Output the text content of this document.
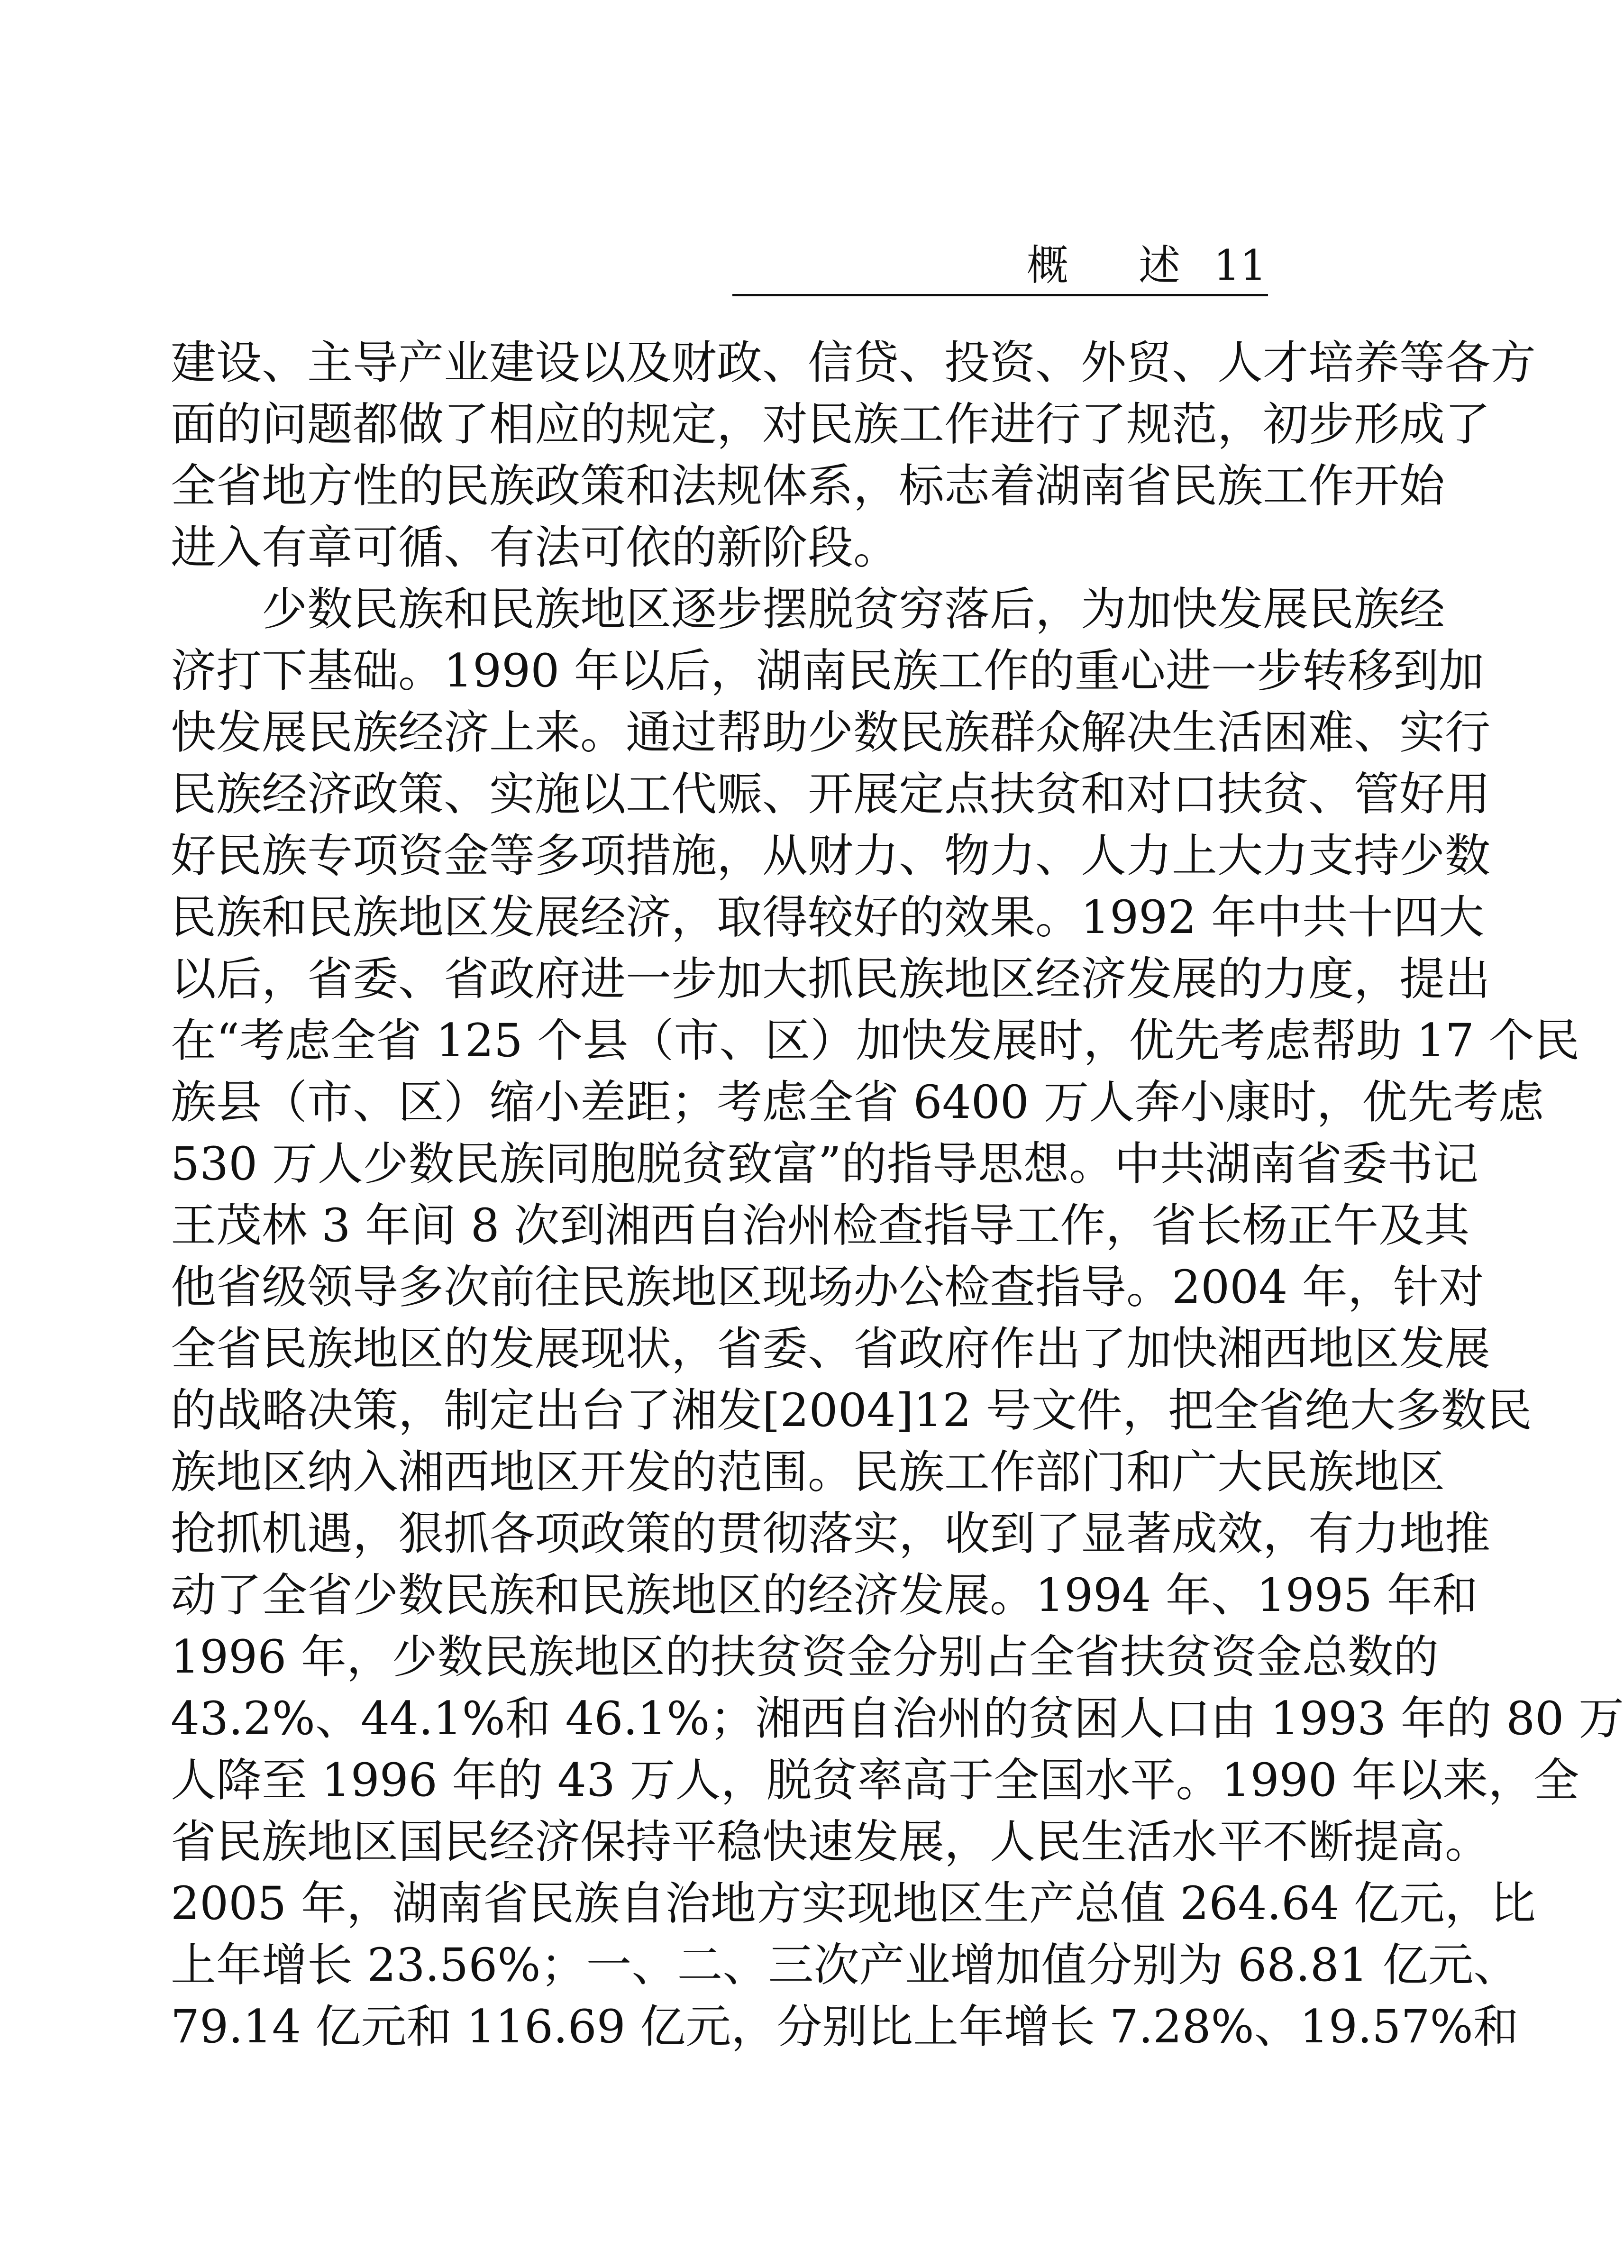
概 述 11
建设、主导产业建设以及财政、信贷、投资、外贸、人才培养等各方
面的问题都做了相应的规定，对民族工作进行了规范，初步形成了
全省地方性的民族政策和法规体系，标志着湖南省民族工作开始
进入有章可循、有法可依的新阶段。
　　少数民族和民族地区逐步摆脱贫穷落后，为加快发展民族经
济打下基础。1990 年以后，湖南民族工作的重心进一步转移到加
快发展民族经济上来。通过帮助少数民族群众解决生活困难、实行
民族经济政策、实施以工代赈、开展定点扶贫和对口扶贫、管好用
好民族专项资金等多项措施，从财力、物力、人力上大力支持少数
民族和民族地区发展经济，取得较好的效果。1992 年中共十四大
以后，省委、省政府进一步加大抓民族地区经济发展的力度，提出
在“考虑全省 125 个县（市、区）加快发展时，优先考虑帮助 17 个民
族县（市、区）缩小差距；考虑全省 6400 万人奔小康时，优先考虑
530 万人少数民族同胞脱贫致富”的指导思想。中共湖南省委书记
王茂林 3 年间 8 次到湘西自治州检查指导工作，省长杨正午及其
他省级领导多次前往民族地区现场办公检查指导。2004 年，针对
全省民族地区的发展现状，省委、省政府作出了加快湘西地区发展
的战略决策，制定出台了湘发[2004]12 号文件，把全省绝大多数民
族地区纳入湘西地区开发的范围。民族工作部门和广大民族地区
抢抓机遇，狠抓各项政策的贯彻落实，收到了显著成效，有力地推
动了全省少数民族和民族地区的经济发展。1994 年、1995 年和
1996 年，少数民族地区的扶贫资金分别占全省扶贫资金总数的
43.2%、44.1%和 46.1%；湘西自治州的贫困人口由 1993 年的 80 万
人降至 1996 年的 43 万人，脱贫率高于全国水平。1990 年以来，全
省民族地区国民经济保持平稳快速发展，人民生活水平不断提高。
2005 年，湖南省民族自治地方实现地区生产总值 264.64 亿元，比
上年增长 23.56%；一、二、三次产业增加值分别为 68.81 亿元、
79.14 亿元和 116.69 亿元，分别比上年增长 7.28%、19.57%和
